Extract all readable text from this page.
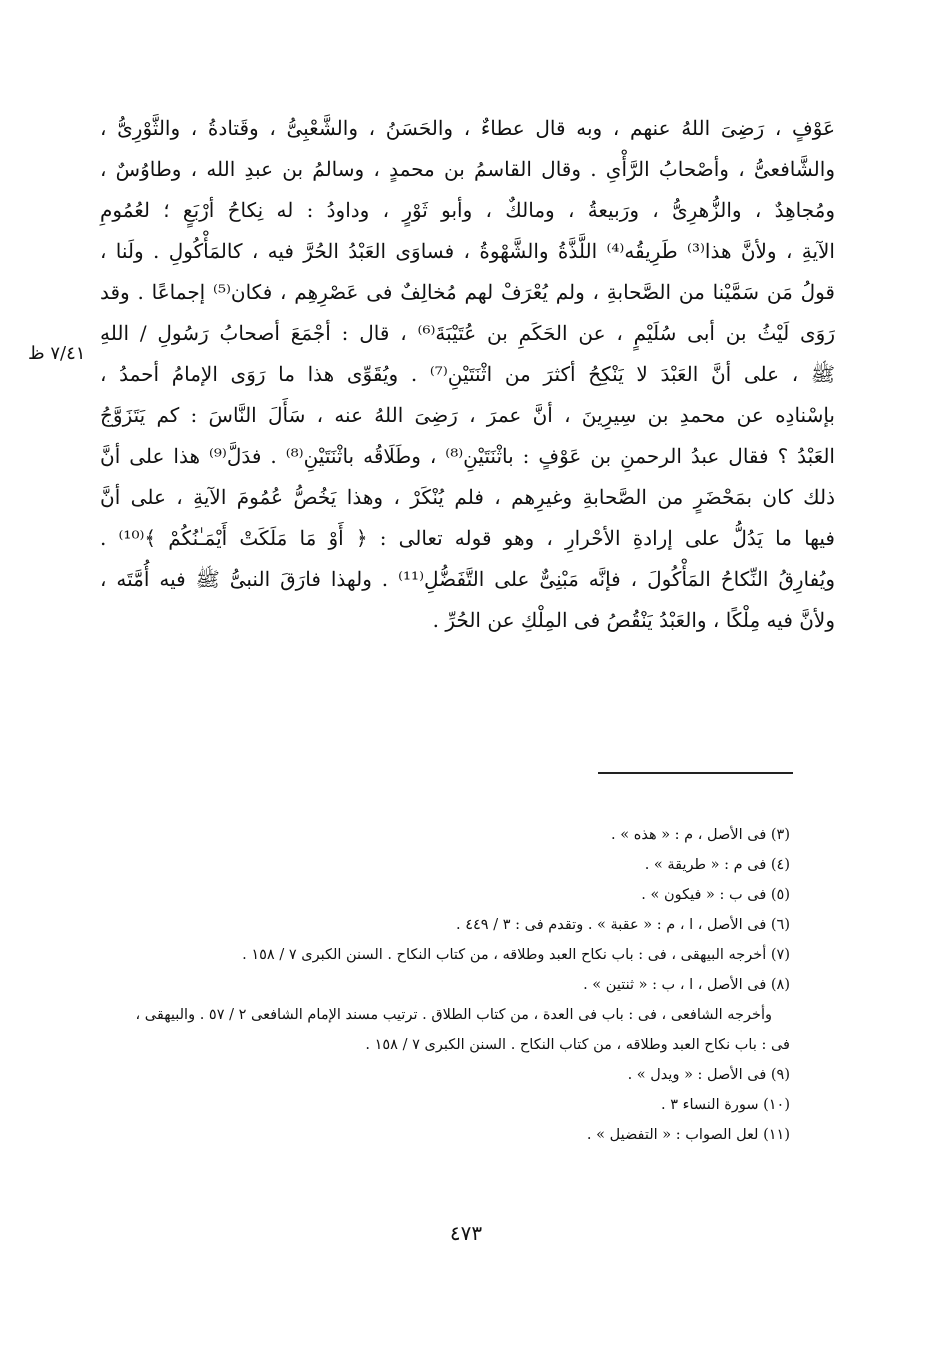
عَوْفٍ ، رَضِىَ اللهُ عنهم ، وبه قال عطاءٌ ، والحَسَنُ ، والشَّعْبِىُّ ، وقَتادةُ ، والثَّوْرِىُّ ،
والشَّافعىُّ ، وأصْحابُ الرَّأْىِ . وقال القاسمُ بن محمدٍ ، وسالمُ بن عبدِ الله ، وطاوُسٌ ،
ومُجاهِدٌ ، والزُّهرِىُّ ، ورَبيعةُ ، ومالكٌ ، وأبو ثَوْرٍ ، وداودُ : له نِكاحُ أرْبَعٍ ؛ لعُمُومِ
الآيةِ ، ولأنَّ هذا⁽³⁾ طَرِيقُه⁽⁴⁾ اللَّذَّةُ والشَّهْوةُ ، فساوَى العَبْدُ الحُرَّ فيه ، كالمَأْكُولِ . ولَنا ،
قولُ مَن سَمَّيْنا من الصَّحابةِ ، ولم يُعْرَفْ لهم مُخالِفٌ فى عَصْرِهِم ، فكان⁽⁵⁾ إجماعًا . وقد
رَوَى لَيْثُ بن أبى سُلَيْمٍ ، عن الحَكَمِ بن عُتَيْبَةَ⁽⁶⁾ ، قال : أجْمَعَ أصحابُ رَسُولِ / اللهِ
ﷺ ، على أنَّ العَبْدَ لا يَنْكِحُ أكثرَ من اثْنَتَيْنِ⁽⁷⁾ . ويُقَوِّى هذا ما رَوَى الإمامُ أحمدُ ،
بإسْنادِه عن محمدِ بن سِيرِينَ ، أنَّ عمرَ ، رَضِىَ اللهُ عنه ، سَأَلَ النَّاسَ : كم يَتَزَوَّجُ
العَبْدُ ؟ فقال عبدُ الرحمنِ بن عَوْفٍ : باثْنَتَيْنِ⁽⁸⁾ ، وطَلَاقُه باثْنَتَيْنِ⁽⁸⁾ . فدَلَّ⁽⁹⁾ هذا على أنَّ
ذلك كان بمَحْضَرٍ من الصَّحابةِ وغيرِهم ، فلم يُنْكَرْ ، وهذا يَخُصُّ عُمُومَ الآيةِ ، على أنَّ
فيها ما يَدُلُّ على إرادةِ الأحْرارِ ، وهو قوله تعالى : ﴿ أَوْ مَا مَلَكَتْ أَيْمَـٰنُكُمْ ﴾⁽¹⁰⁾ .
ويُفارِقُ النِّكاحُ المَأْكُولَ ، فإنَّه مَبْنِىٌّ على التَّفَضُّلِ⁽¹¹⁾ . ولهذا فارَقَ النبىُّ ﷺ فيه أُمَّتَه ،
ولأنَّ فيه مِلْكًا ، والعَبْدُ يَنْقُصُ فى المِلْكِ عن الحُرِّ .
٧/٤١ ظ
(٣) فى الأصل ، م : « هذه » .
(٤) فى م : « طريقة » .
(٥) فى ب : « فيكون » .
(٦) فى الأصل ، ا ، م : « عقبة » . وتقدم فى : ٣ / ٤٤٩ .
(٧) أخرجه البيهقى ، فى : باب نكاح العبد وطلاقه ، من كتاب النكاح . السنن الكبرى ٧ / ١٥٨ .
(٨) فى الأصل ، ا ، ب : « ثنتين » .
وأخرجه الشافعى ، فى : باب فى العدة ، من كتاب الطلاق . ترتيب مسند الإمام الشافعى ٢ / ٥٧ . والبيهقى ،
فى : باب نكاح العبد وطلاقه ، من كتاب النكاح . السنن الكبرى ٧ / ١٥٨ .
(٩) فى الأصل : « ويدل » .
(١٠) سورة النساء ٣ .
(١١) لعل الصواب : « التفضيل » .
٤٧٣
